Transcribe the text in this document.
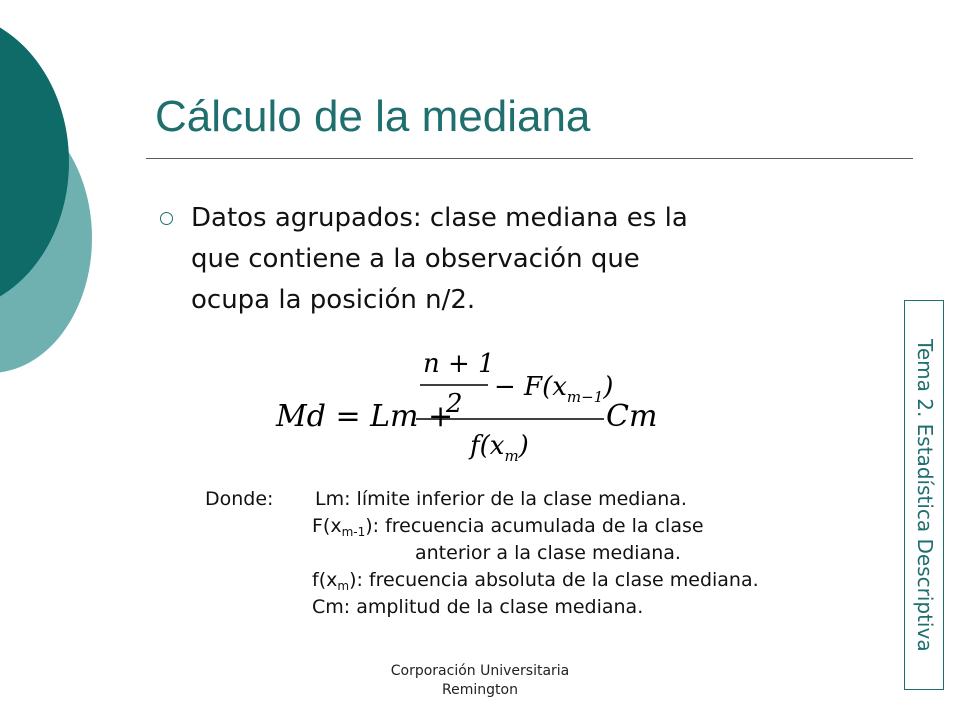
Cálculo de la mediana
Datos agrupados: clase mediana es la
que contiene a la observación que
ocupa la posición n/2.
Md = Lm +
n + 1
2
− $F(x_{m-1})$
$f(x_m)$
Cm
Donde: Lm: límite inferior de la clase mediana.
$F(x_{m-1})$: frecuencia acumulada de la clase
anterior a la clase mediana.
$f(x_m)$: frecuencia absoluta de la clase mediana.
Cm: amplitud de la clase mediana.	Tema 2. Estadística Descriptiva
Corporación Universitaria
Remington
